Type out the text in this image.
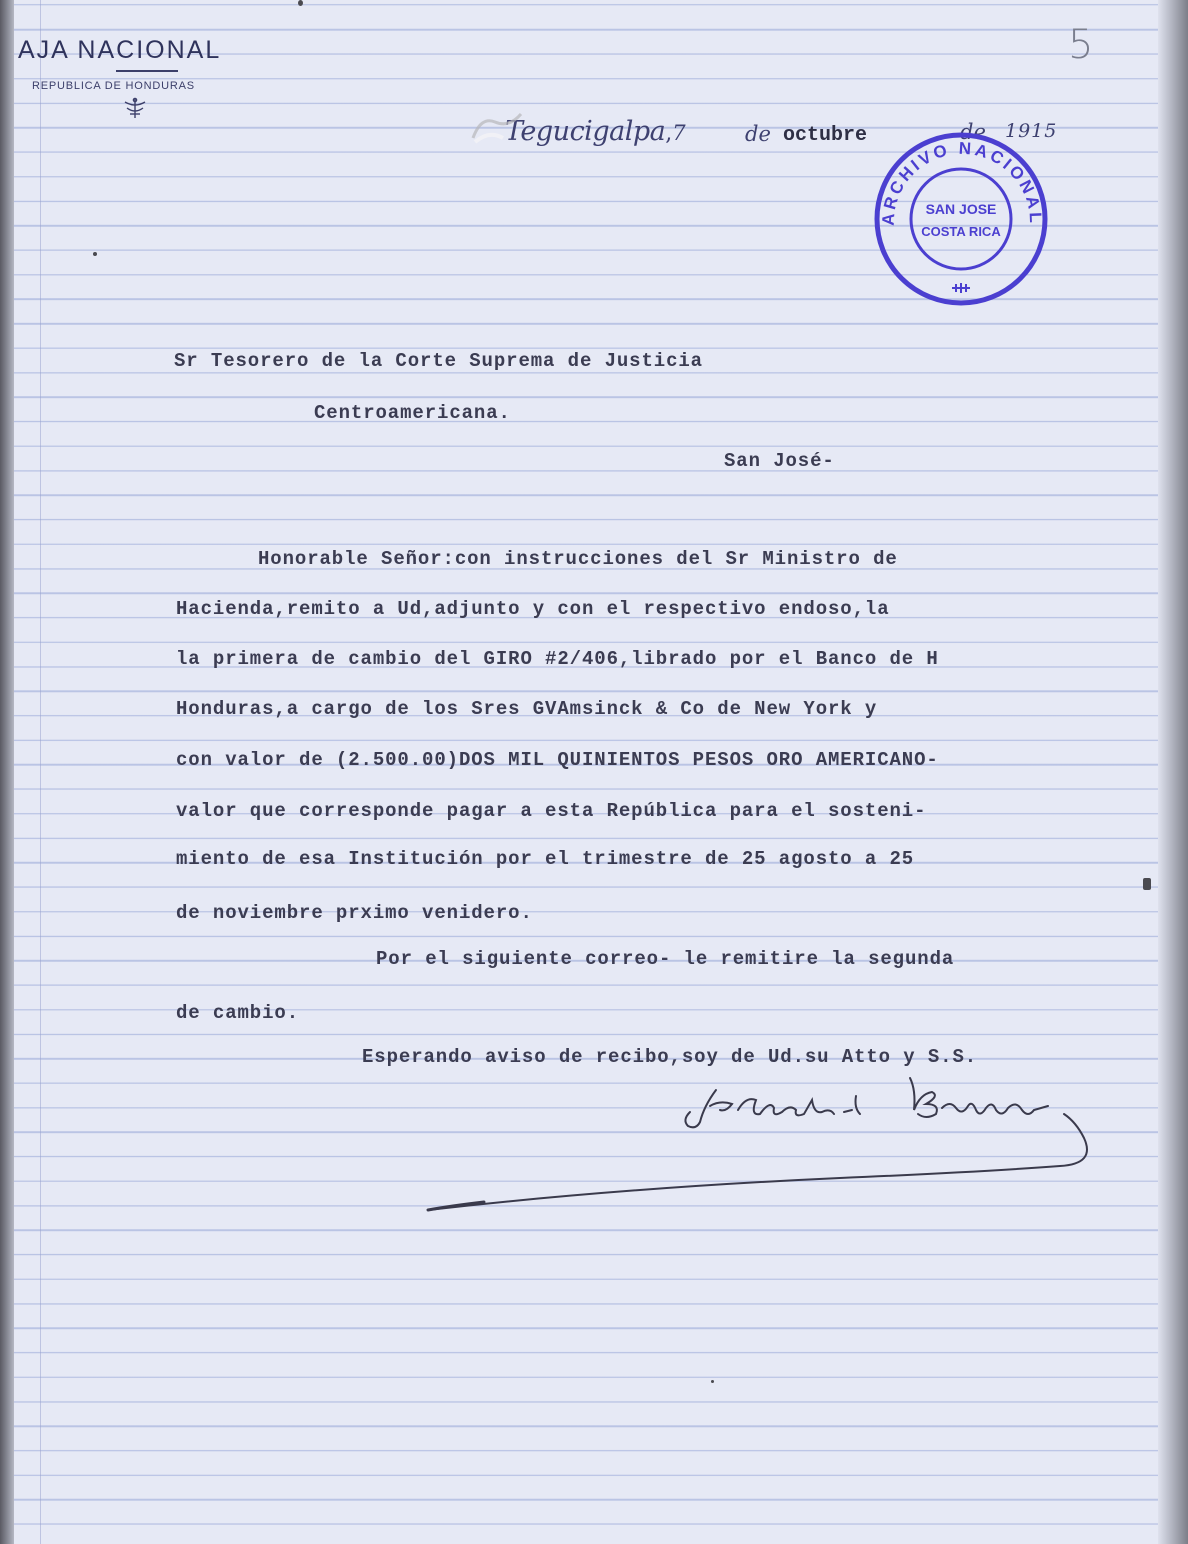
AJA NACIONAL
REPUBLICA DE HONDURAS
5
Tegucigalpa,7	de octubre	de 1915
ARCHIVO NACIONAL
SAN JOSE
COSTA RICA
Sr Tesorero de la Corte Suprema de Justicia
Centroamericana.
San José-
Honorable Señor:con instrucciones del Sr Ministro de
Hacienda,remito a Ud,adjunto y con el respectivo endoso,la
la primera de cambio del GIRO #2/406,librado por el Banco de H
Honduras,a cargo de los Sres GVAmsinck & Co de New York y
con valor de (2.500.00)DOS MIL QUINIENTOS PESOS ORO AMERICANO-
valor que corresponde pagar a esta República para el sosteni-
miento de esa Institución por el trimestre de 25 agosto a 25
de noviembre prximo venidero.
Por el siguiente correo- le remitire la segunda
de cambio.
Esperando aviso de recibo,soy de Ud.su Atto y S.S.
